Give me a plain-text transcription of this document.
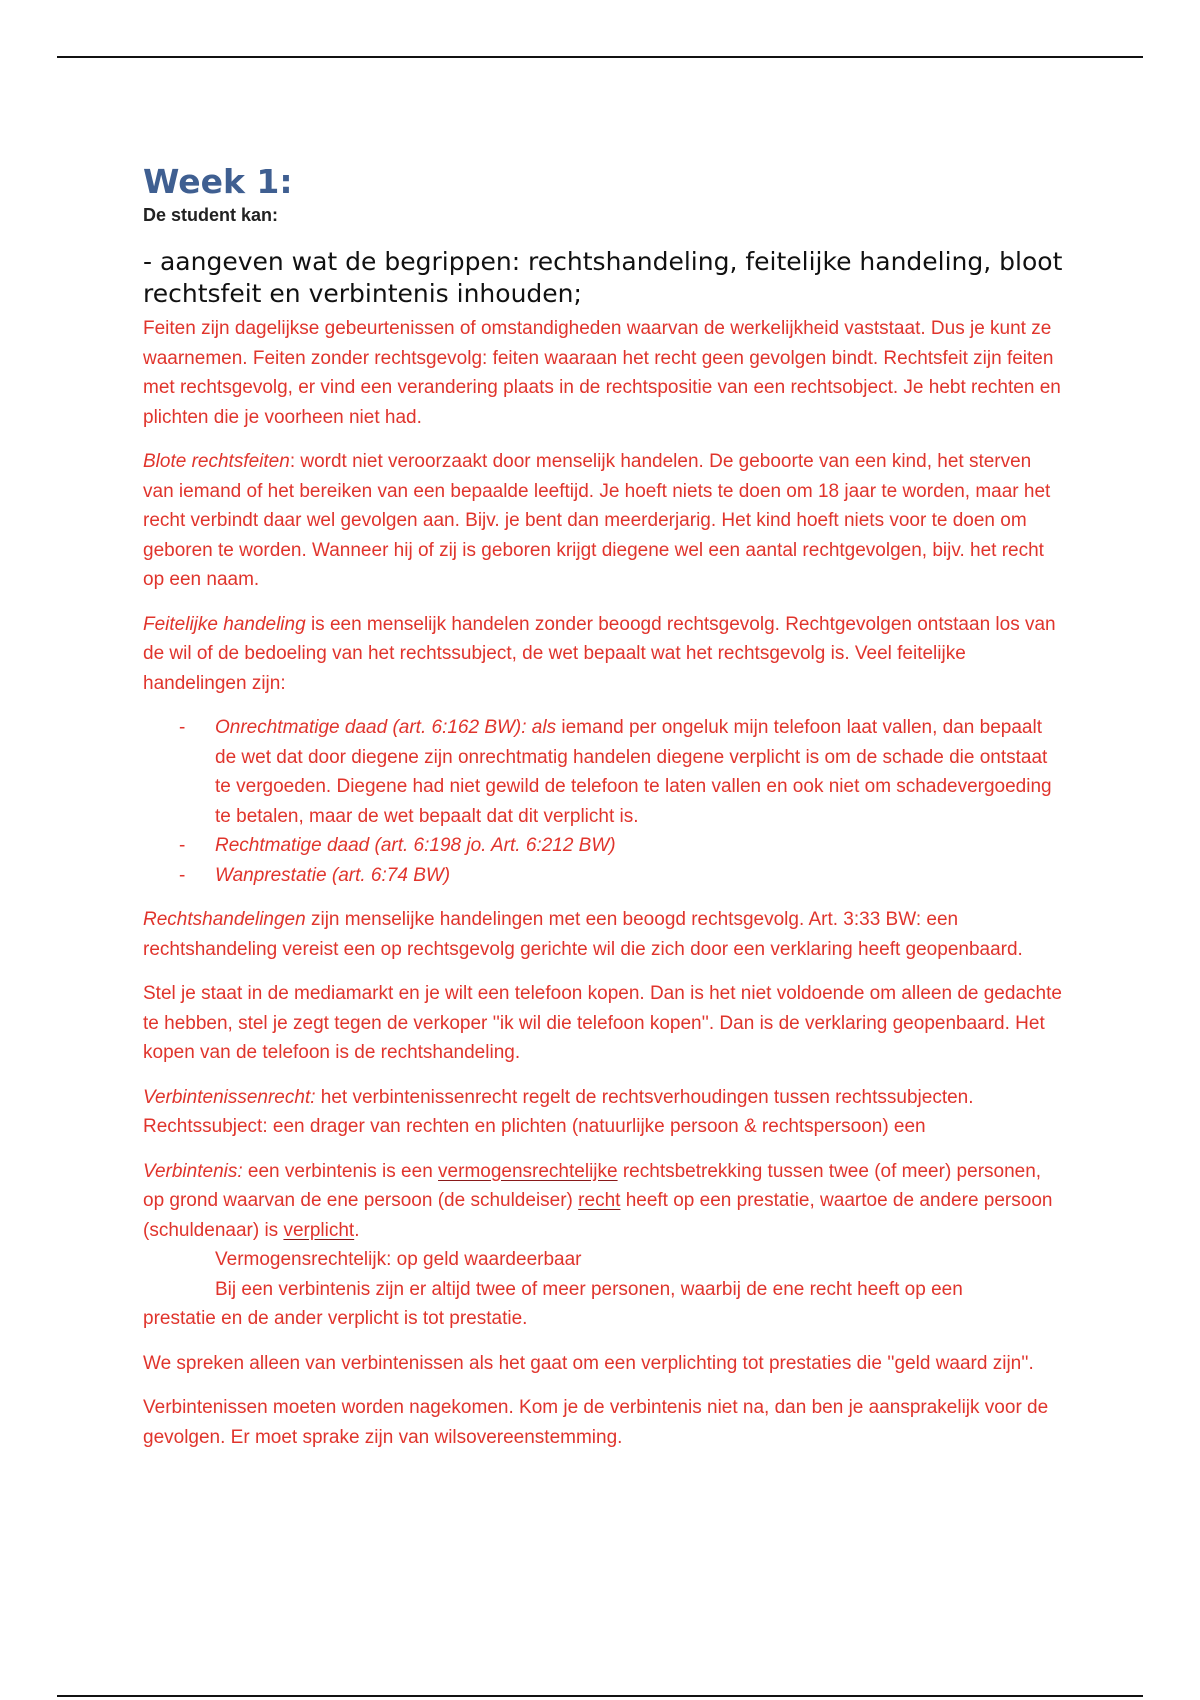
Week 1:
De student kan:
- aangeven wat de begrippen: rechtshandeling, feitelijke handeling, bloot rechtsfeit en verbintenis inhouden;

Feiten zijn dagelijkse gebeurtenissen of omstandigheden waarvan de werkelijkheid vaststaat. Dus je kunt ze waarnemen. Feiten zonder rechtsgevolg: feiten waaraan het recht geen gevolgen bindt. Rechtsfeit zijn feiten met rechtsgevolg, er vind een verandering plaats in de rechtspositie van een rechtsobject. Je hebt rechten en plichten die je voorheen niet had.

Blote rechtsfeiten: wordt niet veroorzaakt door menselijk handelen. De geboorte van een kind, het sterven van iemand of het bereiken van een bepaalde leeftijd. Je hoeft niets te doen om 18 jaar te worden, maar het recht verbindt daar wel gevolgen aan. Bijv. je bent dan meerderjarig. Het kind hoeft niets voor te doen om geboren te worden. Wanneer hij of zij is geboren krijgt diegene wel een aantal rechtgevolgen, bijv. het recht op een naam.

Feitelijke handeling is een menselijk handelen zonder beoogd rechtsgevolg. Rechtgevolgen ontstaan los van de wil of de bedoeling van het rechtssubject, de wet bepaalt wat het rechtsgevolg is. Veel feitelijke handelingen zijn:

- Onrechtmatige daad (art. 6:162 BW): als iemand per ongeluk mijn telefoon laat vallen, dan bepaalt de wet dat door diegene zijn onrechtmatig handelen diegene verplicht is om de schade die ontstaat te vergoeden. Diegene had niet gewild de telefoon te laten vallen en ook niet om schadevergoeding te betalen, maar de wet bepaalt dat dit verplicht is.
- Rechtmatige daad (art. 6:198 jo. Art. 6:212 BW)
- Wanprestatie (art. 6:74 BW)

Rechtshandelingen zijn menselijke handelingen met een beoogd rechtsgevolg. Art. 3:33 BW: een rechtshandeling vereist een op rechtsgevolg gerichte wil die zich door een verklaring heeft geopenbaard.

Stel je staat in de mediamarkt en je wilt een telefoon kopen. Dan is het niet voldoende om alleen de gedachte te hebben, stel je zegt tegen de verkoper ''ik wil die telefoon kopen''. Dan is de verklaring geopenbaard. Het kopen van de telefoon is de rechtshandeling.

Verbintenissenrecht: het verbintenissenrecht regelt de rechtsverhoudingen tussen rechtssubjecten. Rechtssubject: een drager van rechten en plichten (natuurlijke persoon & rechtspersoon) een

Verbintenis: een verbintenis is een vermogensrechtelijke rechtsbetrekking tussen twee (of meer) personen, op grond waarvan de ene persoon (de schuldeiser) recht heeft op een prestatie, waartoe de andere persoon (schuldenaar) is verplicht.
Vermogensrechtelijk: op geld waardeerbaar
Bij een verbintenis zijn er altijd twee of meer personen, waarbij de ene recht heeft op een
prestatie en de ander verplicht is tot prestatie.

We spreken alleen van verbintenissen als het gaat om een verplichting tot prestaties die ''geld waard zijn''.

Verbintenissen moeten worden nagekomen. Kom je de verbintenis niet na, dan ben je aansprakelijk voor de gevolgen. Er moet sprake zijn van wilsovereenstemming.
